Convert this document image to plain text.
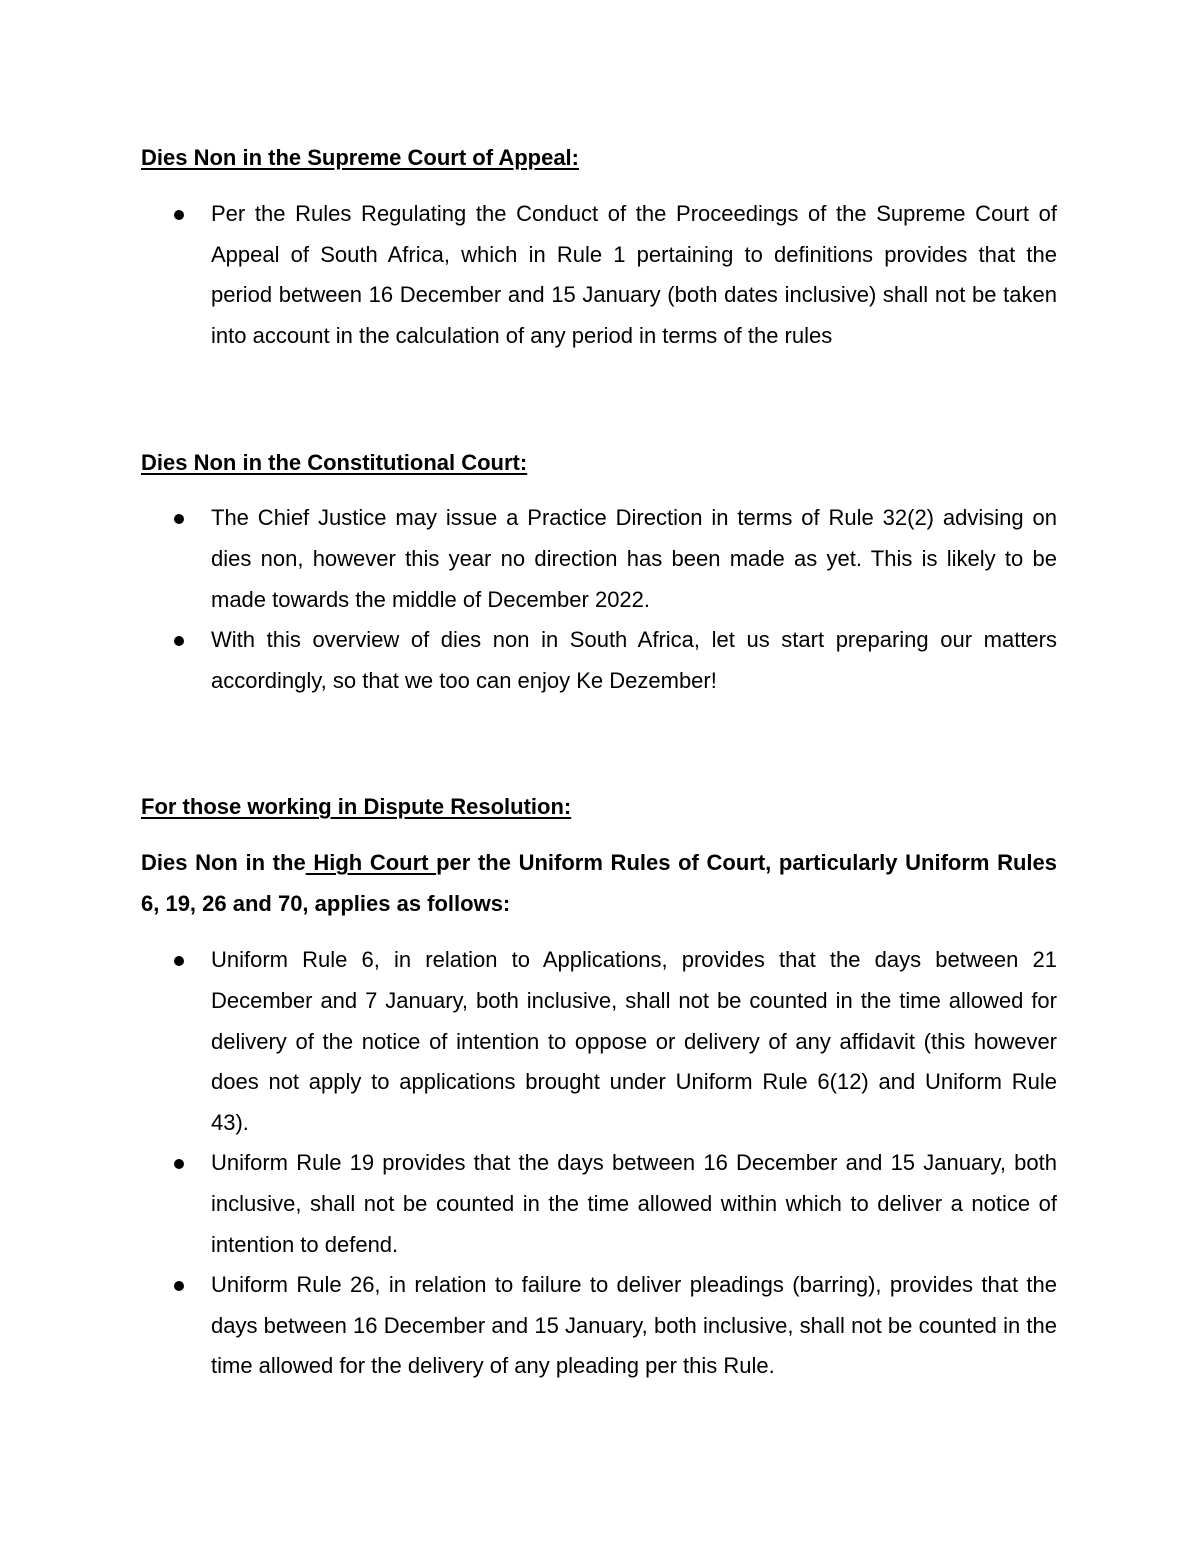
Dies Non in the Supreme Court of Appeal:
Per the Rules Regulating the Conduct of the Proceedings of the Supreme Court of Appeal of South Africa, which in Rule 1 pertaining to definitions provides that the period between 16 December and 15 January (both dates inclusive) shall not be taken into account in the calculation of any period in terms of the rules
Dies Non in the Constitutional Court:
The Chief Justice may issue a Practice Direction in terms of Rule 32(2) advising on dies non, however this year no direction has been made as yet. This is likely to be made towards the middle of December 2022.
With this overview of dies non in South Africa, let us start preparing our matters accordingly, so that we too can enjoy Ke Dezember!
For those working in Dispute Resolution:

Dies Non in the High Court per the Uniform Rules of Court, particularly Uniform Rules 6, 19, 26 and 70, applies as follows:

Uniform Rule 6, in relation to Applications, provides that the days between 21 December and 7 January, both inclusive, shall not be counted in the time allowed for delivery of the notice of intention to oppose or delivery of any affidavit (this however does not apply to applications brought under Uniform Rule 6(12) and Uniform Rule 43).
Uniform Rule 19 provides that the days between 16 December and 15 January, both inclusive, shall not be counted in the time allowed within which to deliver a notice of intention to defend.
Uniform Rule 26, in relation to failure to deliver pleadings (barring), provides that the days between 16 December and 15 January, both inclusive, shall not be counted in the time allowed for the delivery of any pleading per this Rule.
